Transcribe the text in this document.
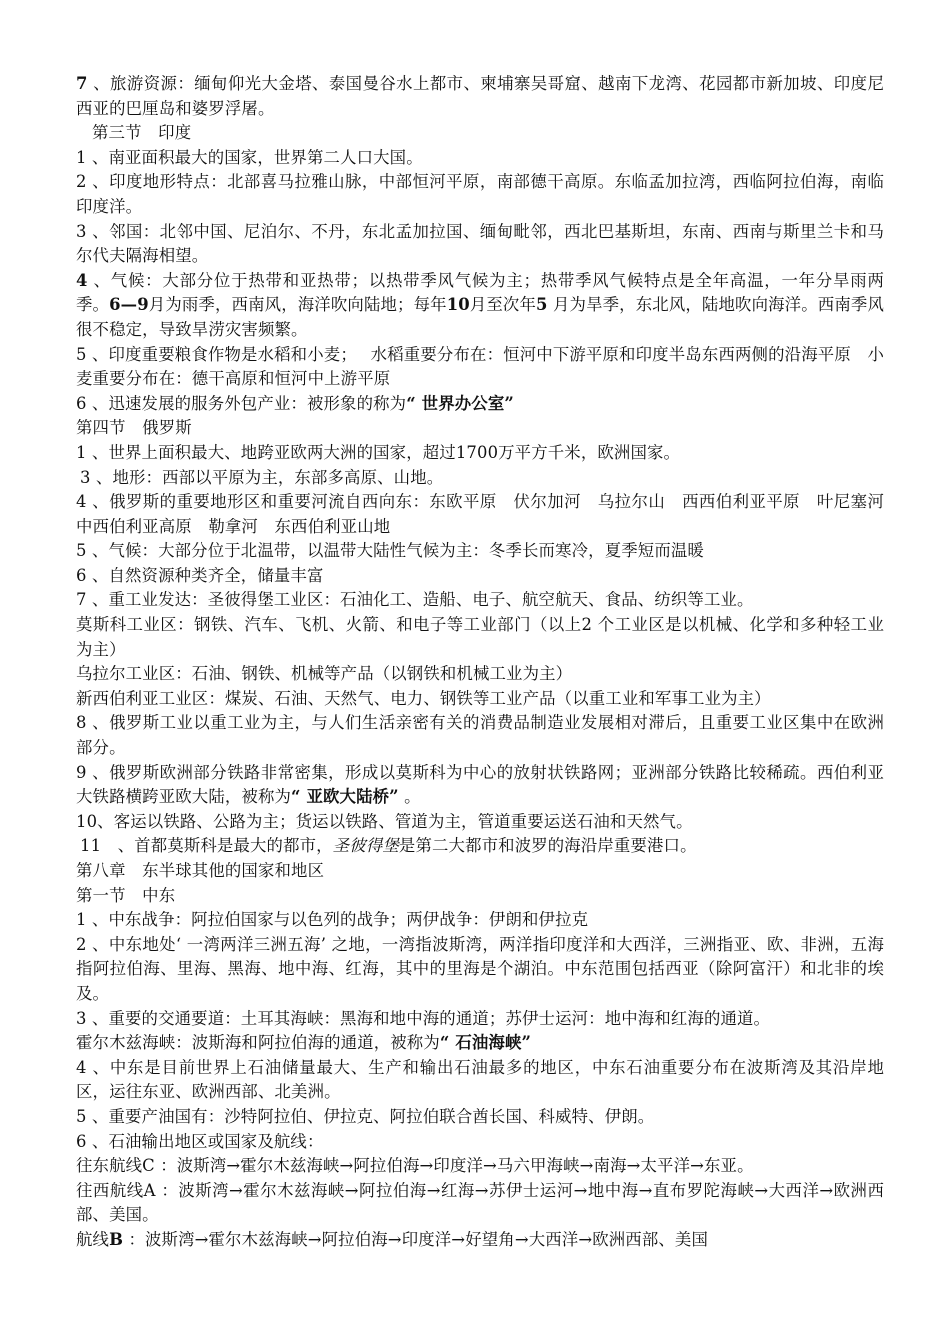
7 、旅游资源：缅甸仰光大金塔、泰国曼谷水上都市、柬埔寨吴哥窟、越南下龙湾、花园都市新加坡、印度尼西亚的巴厘岛和婆罗浮屠。

第三节　印度

1 、南亚面积最大的国家，世界第二人口大国。

2 、印度地形特点：北部喜马拉雅山脉，中部恒河平原，南部德干高原。东临孟加拉湾，西临阿拉伯海，南临印度洋。

3 、邻国：北邻中国、尼泊尔、不丹，东北孟加拉国、缅甸毗邻，西北巴基斯坦，东南、西南与斯里兰卡和马尔代夫隔海相望。

4 、气候：大部分位于热带和亚热带；以热带季风气候为主；热带季风气候特点是全年高温，一年分旱雨两季。6—9月为雨季，西南风，海洋吹向陆地；每年10月至次年5 月为旱季，东北风，陆地吹向海洋。西南季风很不稳定，导致旱涝灾害频繁。

5 、印度重要粮食作物是水稻和小麦；　 水稻重要分布在：恒河中下游平原和印度半岛东西两侧的沿海平原　小麦重要分布在：德干高原和恒河中上游平原

6 、迅速发展的服务外包产业：被形象的称为“ 世界办公室”

第四节　俄罗斯

1 、世界上面积最大、地跨亚欧两大洲的国家，超过1700万平方千米，欧洲国家。

3 、地形：西部以平原为主，东部多高原、山地。

4 、俄罗斯的重要地形区和重要河流自西向东：东欧平原　伏尔加河　乌拉尔山　西西伯利亚平原　叶尼塞河　中西伯利亚高原　勒拿河　东西伯利亚山地

5 、气候：大部分位于北温带，以温带大陆性气候为主：冬季长而寒冷，夏季短而温暖

6 、自然资源种类齐全，储量丰富

7 、重工业发达：圣彼得堡工业区：石油化工、造船、电子、航空航天、食品、纺织等工业。

莫斯科工业区：钢铁、汽车、飞机、火箭、和电子等工业部门（以上2 个工业区是以机械、化学和多种轻工业为主）

乌拉尔工业区：石油、钢铁、机械等产品（以钢铁和机械工业为主）

新西伯利亚工业区：煤炭、石油、天然气、电力、钢铁等工业产品（以重工业和军事工业为主）

8 、俄罗斯工业以重工业为主，与人们生活亲密有关的消费品制造业发展相对滞后，且重要工业区集中在欧洲部分。

9 、俄罗斯欧洲部分铁路非常密集，形成以莫斯科为中心的放射状铁路网；亚洲部分铁路比较稀疏。西伯利亚大铁路横跨亚欧大陆，被称为“ 亚欧大陆桥” 。

10、客运以铁路、公路为主；货运以铁路、管道为主，管道重要运送石油和天然气。

11　、首都莫斯科是最大的都市，圣彼得堡是第二大都市和波罗的海沿岸重要港口。

第八章　东半球其他的国家和地区

第一节　中东

1 、中东战争：阿拉伯国家与以色列的战争；两伊战争：伊朗和伊拉克

2 、中东地处‘ 一湾两洋三洲五海’ 之地，一湾指波斯湾，两洋指印度洋和大西洋，三洲指亚、欧、非洲，五海指阿拉伯海、里海、黑海、地中海、红海，其中的里海是个湖泊。中东范围包括西亚（除阿富汗）和北非的埃及。

3 、重要的交通要道：土耳其海峡：黑海和地中海的通道；苏伊士运河：地中海和红海的通道。

霍尔木兹海峡：波斯海和阿拉伯海的通道，被称为“ 石油海峡”

4 、中东是目前世界上石油储量最大、生产和输出石油最多的地区，中东石油重要分布在波斯湾及其沿岸地区，运往东亚、欧洲西部、北美洲。

5 、重要产油国有：沙特阿拉伯、伊拉克、阿拉伯联合酋长国、科威特、伊朗。

6 、石油输出地区或国家及航线：

往东航线C ：波斯湾→霍尔木兹海峡→阿拉伯海→印度洋→马六甲海峡→南海→太平洋→东亚。

往西航线A ：波斯湾→霍尔木兹海峡→阿拉伯海→红海→苏伊士运河→地中海→直布罗陀海峡→大西洋→欧洲西部、美国。

航线B ：波斯湾→霍尔木兹海峡→阿拉伯海→印度洋→好望角→大西洋→欧洲西部、美国
